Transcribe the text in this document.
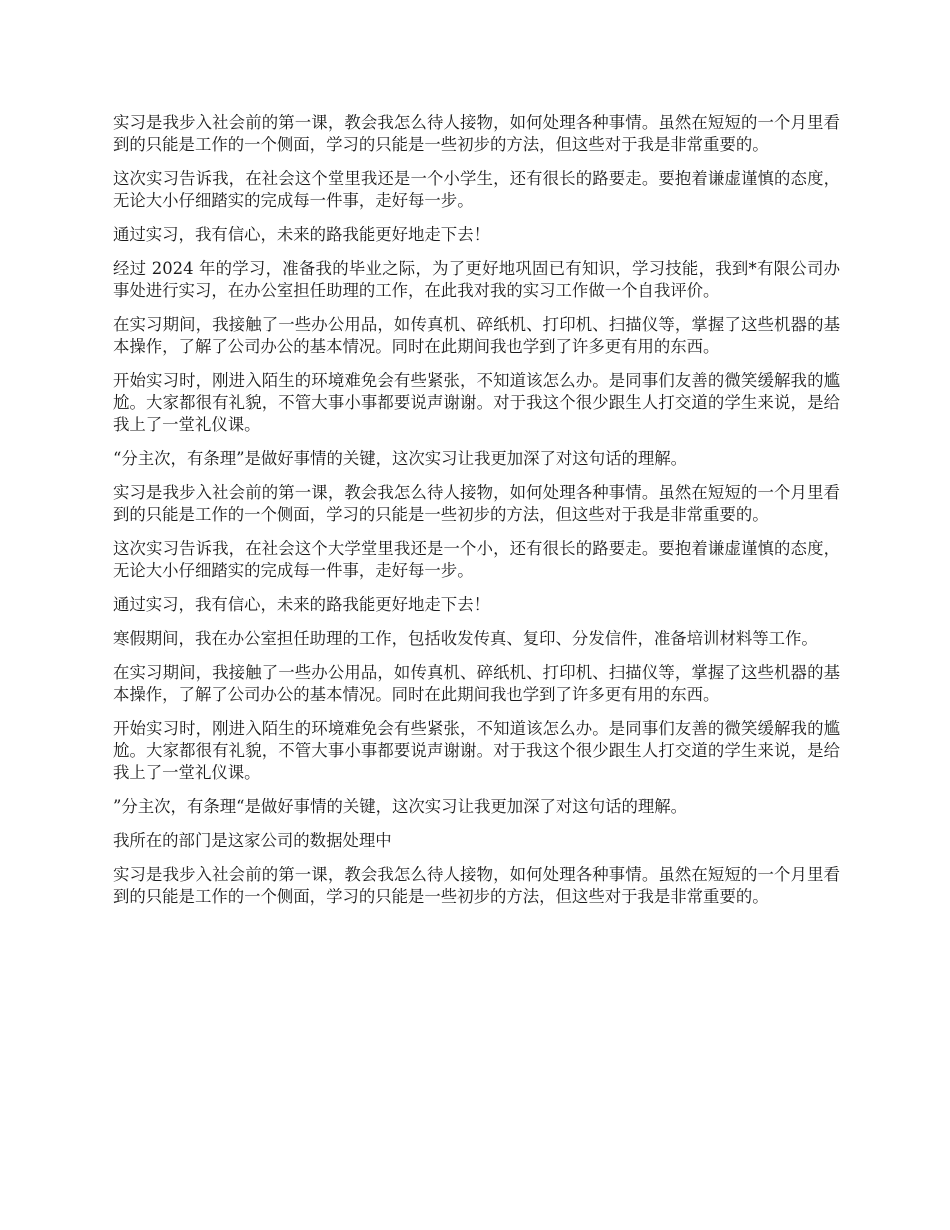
实习是我步入社会前的第一课，教会我怎么待人接物，如何处理各种事情。虽然在短短的一个月里看到的只能是工作的一个侧面，学习的只能是一些初步的方法，但这些对于我是非常重要的。

这次实习告诉我，在社会这个堂里我还是一个小学生，还有很长的路要走。要抱着谦虚谨慎的态度，无论大小仔细踏实的完成每一件事，走好每一步。

通过实习，我有信心，未来的路我能更好地走下去！

经过 2024 年的学习，准备我的毕业之际，为了更好地巩固已有知识，学习技能，我到*有限公司办事处进行实习，在办公室担任助理的工作，在此我对我的实习工作做一个自我评价。

在实习期间，我接触了一些办公用品，如传真机、碎纸机、打印机、扫描仪等，掌握了这些机器的基本操作，了解了公司办公的基本情况。同时在此期间我也学到了许多更有用的东西。

开始实习时，刚进入陌生的环境难免会有些紧张，不知道该怎么办。是同事们友善的微笑缓解我的尴尬。大家都很有礼貌，不管大事小事都要说声谢谢。对于我这个很少跟生人打交道的学生来说，是给我上了一堂礼仪课。

“分主次，有条理”是做好事情的关键，这次实习让我更加深了对这句话的理解。

实习是我步入社会前的第一课，教会我怎么待人接物，如何处理各种事情。虽然在短短的一个月里看到的只能是工作的一个侧面，学习的只能是一些初步的方法，但这些对于我是非常重要的。

这次实习告诉我，在社会这个大学堂里我还是一个小，还有很长的路要走。要抱着谦虚谨慎的态度，无论大小仔细踏实的完成每一件事，走好每一步。

通过实习，我有信心，未来的路我能更好地走下去！

寒假期间，我在办公室担任助理的工作，包括收发传真、复印、分发信件，准备培训材料等工作。

在实习期间，我接触了一些办公用品，如传真机、碎纸机、打印机、扫描仪等，掌握了这些机器的基本操作，了解了公司办公的基本情况。同时在此期间我也学到了许多更有用的东西。

开始实习时，刚进入陌生的环境难免会有些紧张，不知道该怎么办。是同事们友善的微笑缓解我的尴尬。大家都很有礼貌，不管大事小事都要说声谢谢。对于我这个很少跟生人打交道的学生来说，是给我上了一堂礼仪课。

”分主次，有条理“是做好事情的关键，这次实习让我更加深了对这句话的理解。

我所在的部门是这家公司的数据处理中

实习是我步入社会前的第一课，教会我怎么待人接物，如何处理各种事情。虽然在短短的一个月里看到的只能是工作的一个侧面，学习的只能是一些初步的方法，但这些对于我是非常重要的。
